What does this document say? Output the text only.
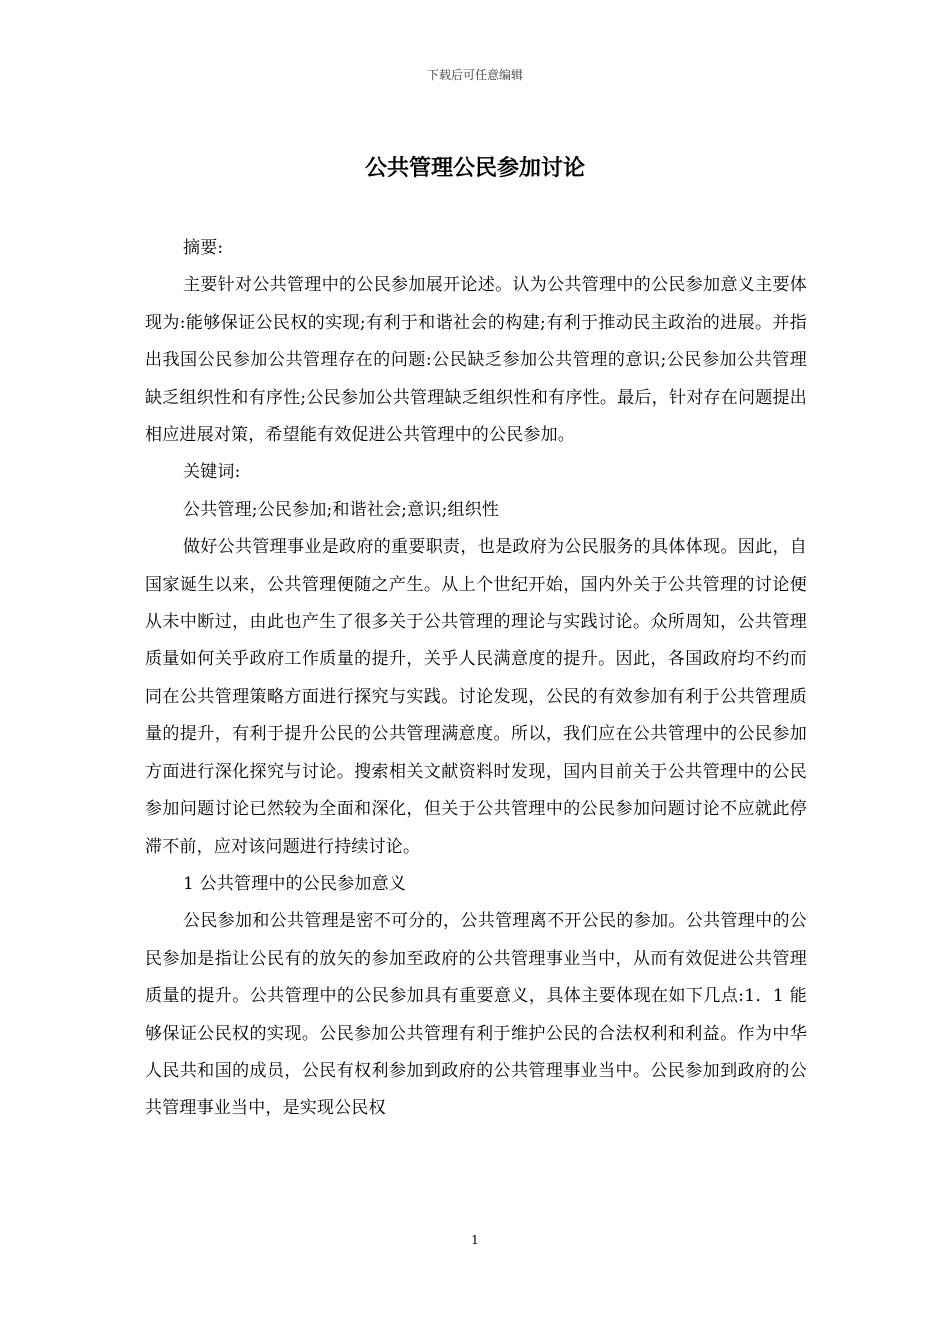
下载后可任意编辑
公共管理公民参加讨论

摘要:

主要针对公共管理中的公民参加展开论述。认为公共管理中的公民参加意义主要体现为:能够保证公民权的实现;有利于和谐社会的构建;有利于推动民主政治的进展。并指出我国公民参加公共管理存在的问题:公民缺乏参加公共管理的意识;公民参加公共管理缺乏组织性和有序性;公民参加公共管理缺乏组织性和有序性。最后，针对存在问题提出相应进展对策，希望能有效促进公共管理中的公民参加。

关键词:

公共管理;公民参加;和谐社会;意识;组织性

做好公共管理事业是政府的重要职责，也是政府为公民服务的具体体现。因此，自国家诞生以来，公共管理便随之产生。从上个世纪开始，国内外关于公共管理的讨论便从未中断过，由此也产生了很多关于公共管理的理论与实践讨论。众所周知，公共管理质量如何关乎政府工作质量的提升，关乎人民满意度的提升。因此，各国政府均不约而同在公共管理策略方面进行探究与实践。讨论发现，公民的有效参加有利于公共管理质量的提升，有利于提升公民的公共管理满意度。所以，我们应在公共管理中的公民参加方面进行深化探究与讨论。搜索相关文献资料时发现，国内目前关于公共管理中的公民参加问题讨论已然较为全面和深化，但关于公共管理中的公民参加问题讨论不应就此停滞不前，应对该问题进行持续讨论。

1 公共管理中的公民参加意义

公民参加和公共管理是密不可分的，公共管理离不开公民的参加。公共管理中的公民参加是指让公民有的放矢的参加至政府的公共管理事业当中，从而有效促进公共管理质量的提升。公共管理中的公民参加具有重要意义，具体主要体现在如下几点:1．1 能够保证公民权的实现。公民参加公共管理有利于维护公民的合法权利和利益。作为中华人民共和国的成员，公民有权利参加到政府的公共管理事业当中。公民参加到政府的公共管理事业当中，是实现公民权

1
